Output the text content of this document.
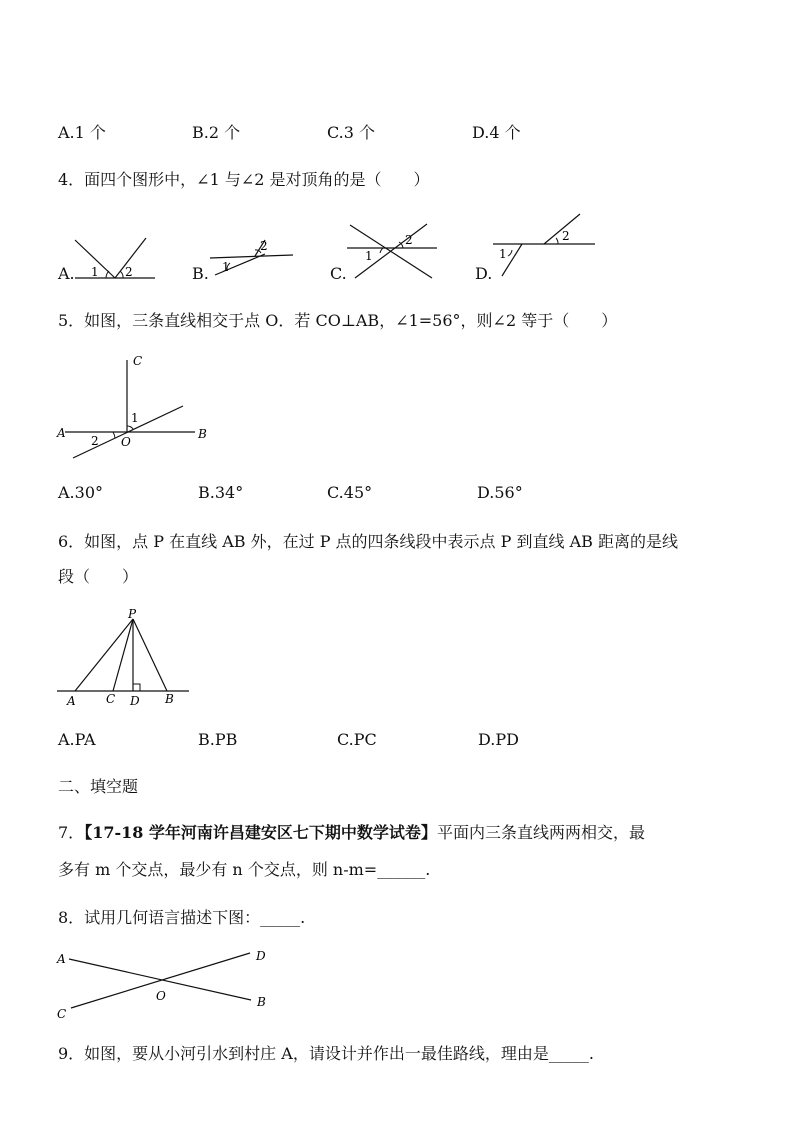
A.1 个	B.2 个	C.3 个	D.4 个
4．面四个图形中，∠1 与∠2 是对顶角的是（　　）
A.	B.	C.	D.
1 2	1
2
1
2
1
2
5．如图，三条直线相交于点 O．若 CO⊥AB，∠1=56°，则∠2 等于（　　）
C
A	B
O
1
2
A.30°	B.34°	C.45°	D.56°
6．如图，点 P 在直线 AB 外，在过 P 点的四条线段中表示点 P 到直线 AB 距离的是线
段（　　）
P
A	C D B
A.PA	B.PB	C.PC	D.PD
二、填空题
7．【17-18 学年河南许昌建安区七下期中数学试卷】平面内三条直线两两相交，最
多有 m 个交点，最少有 n 个交点，则 n-m=______.
8．试用几何语言描述下图：_____.
A	D
O
C
B
9．如图，要从小河引水到村庄 A，请设计并作出一最佳路线，理由是_____.
